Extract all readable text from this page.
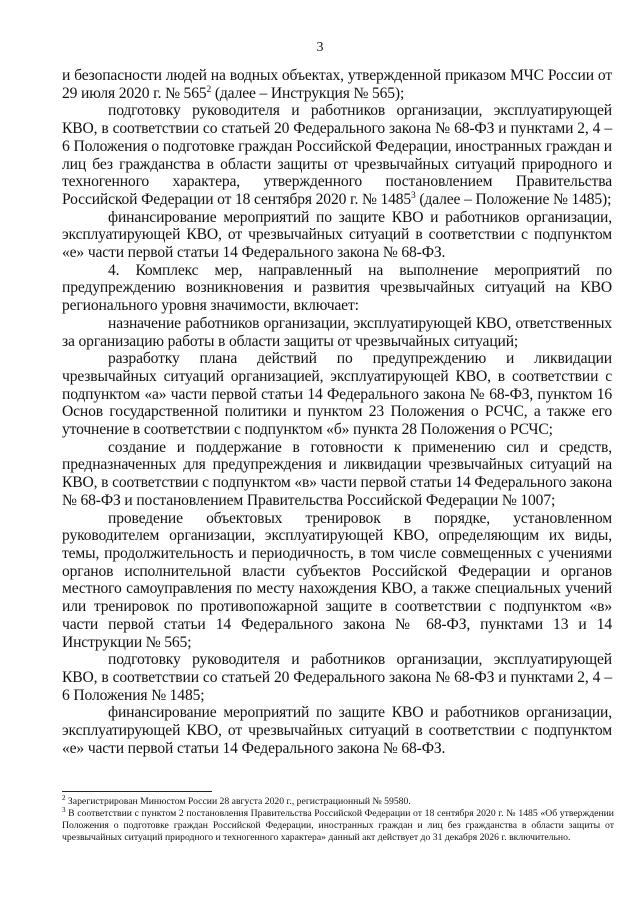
3

и безопасности людей на водных объектах, утвержденной приказом МЧС России от 29 июля 2020 г. № $565^2$ (далее – Инструкция № 565);

подготовку руководителя и работников организации, эксплуатирующей КВО, в соответствии со статьей 20 Федерального закона № 68-ФЗ и пунктами 2, 4 – 6 Положения о подготовке граждан Российской Федерации, иностранных граждан и лиц без гражданства в области защиты от чрезвычайных ситуаций природного и техногенного характера, утвержденного постановлением Правительства Российской Федерации от 18 сентября 2020 г. № 1485$^3$ (далее – Положение № 1485);

финансирование мероприятий по защите КВО и работников организации, эксплуатирующей КВО, от чрезвычайных ситуаций в соответствии с подпунктом «е» части первой статьи 14 Федерального закона № 68-ФЗ.

4. Комплекс мер, направленный на выполнение мероприятий по предупреждению возникновения и развития чрезвычайных ситуаций на КВО регионального уровня значимости, включает:

назначение работников организации, эксплуатирующей КВО, ответственных за организацию работы в области защиты от чрезвычайных ситуаций;

разработку плана действий по предупреждению и ликвидации чрезвычайных ситуаций организацией, эксплуатирующей КВО, в соответствии с подпунктом «а» части первой статьи 14 Федерального закона № 68-ФЗ, пунктом 16 Основ государственной политики и пунктом 23 Положения о РСЧС, а также его уточнение в соответствии с подпунктом «б» пункта 28 Положения о РСЧС;

создание и поддержание в готовности к применению сил и средств, предназначенных для предупреждения и ликвидации чрезвычайных ситуаций на КВО, в соответствии с подпунктом «в» части первой статьи 14 Федерального закона № 68-ФЗ и постановлением Правительства Российской Федерации № 1007;

проведение объектовых тренировок в порядке, установленном руководителем организации, эксплуатирующей КВО, определяющим их виды, темы, продолжительность и периодичность, в том числе совмещенных с учениями органов исполнительной власти субъектов Российской Федерации и органов местного самоуправления по месту нахождения КВО, а также специальных учений или тренировок по противопожарной защите в соответствии с подпунктом «в» части первой статьи 14 Федерального закона № 68-ФЗ, пунктами 13 и 14 Инструкции № 565;

подготовку руководителя и работников организации, эксплуатирующей КВО, в соответствии со статьей 20 Федерального закона № 68-ФЗ и пунктами 2, 4 – 6 Положения № 1485;

финансирование мероприятий по защите КВО и работников организации, эксплуатирующей КВО, от чрезвычайных ситуаций в соответствии с подпунктом «е» части первой статьи 14 Федерального закона № 68-ФЗ.

$^2$ Зарегистрирован Минюстом России 28 августа 2020 г., регистрационный № 59580.

$^3$ В соответствии с пунктом 2 постановления Правительства Российской Федерации от 18 сентября 2020 г. № 1485 «Об утверждении Положения о подготовке граждан Российской Федерации, иностранных граждан и лиц без гражданства в области защиты от чрезвычайных ситуаций природного и техногенного характера» данный акт действует до 31 декабря 2026 г. включительно.
